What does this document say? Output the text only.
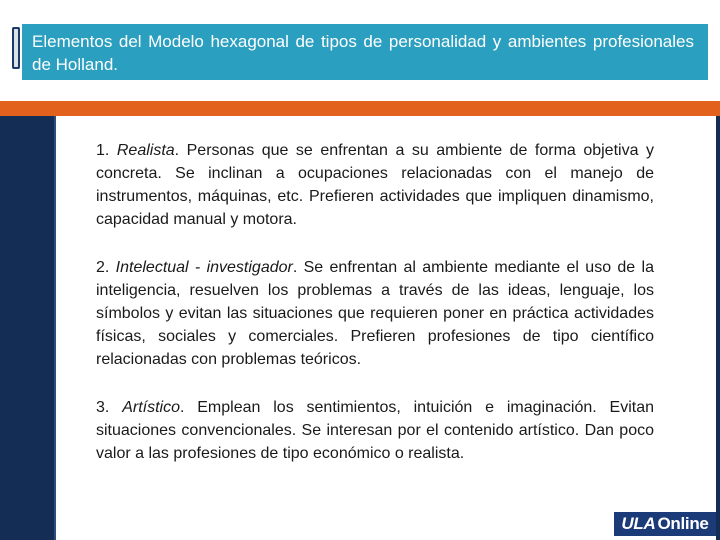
Elementos del Modelo hexagonal de tipos de personalidad y ambientes profesionales de Holland.

1. Realista. Personas que se enfrentan a su ambiente de forma objetiva y concreta. Se inclinan a ocupaciones relacionadas con el manejo de instrumentos, máquinas, etc. Prefieren actividades que impliquen dinamismo, capacidad manual y motora.

2. Intelectual - investigador. Se enfrentan al ambiente mediante el uso de la inteligencia, resuelven los problemas a través de las ideas, lenguaje, los símbolos y evitan las situaciones que requieren poner en práctica actividades físicas, sociales y comerciales. Prefieren profesiones de tipo científico relacionadas con problemas teóricos.

3. Artístico. Emplean los sentimientos, intuición e imaginación. Evitan situaciones convencionales. Se interesan por el contenido artístico. Dan poco valor a las profesiones de tipo económico o realista.

ULA Online
